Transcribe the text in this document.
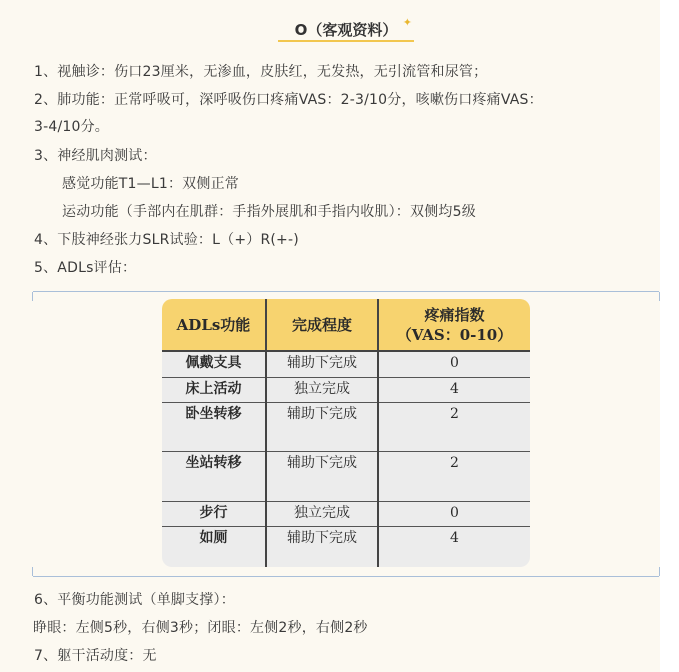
O（客观资料） ✦
1、视触诊：伤口23厘米，无渗血，皮肤红，无发热，无引流管和尿管；
2、肺功能：正常呼吸可，深呼吸伤口疼痛VAS：2-3/10分，咳嗽伤口疼痛VAS：
3-4/10分。
3、神经肌肉测试：
感觉功能T1—L1：双侧正常
运动功能（手部内在肌群：手指外展肌和手指内收肌）：双侧均5级
4、下肢神经张力SLR试验：L（+）R(+-)
5、ADLs评估：
ADLs功能	完成程度	疼痛指数
（VAS：0-10）
佩戴支具	辅助下完成	0
床上活动	独立完成	4
卧坐转移	辅助下完成	2
坐站转移	辅助下完成	2
步行	独立完成	0
如厕	辅助下完成	4
6、平衡功能测试（单脚支撑）：
睁眼：左侧5秒，右侧3秒；闭眼：左侧2秒，右侧2秒
7、躯干活动度：无
